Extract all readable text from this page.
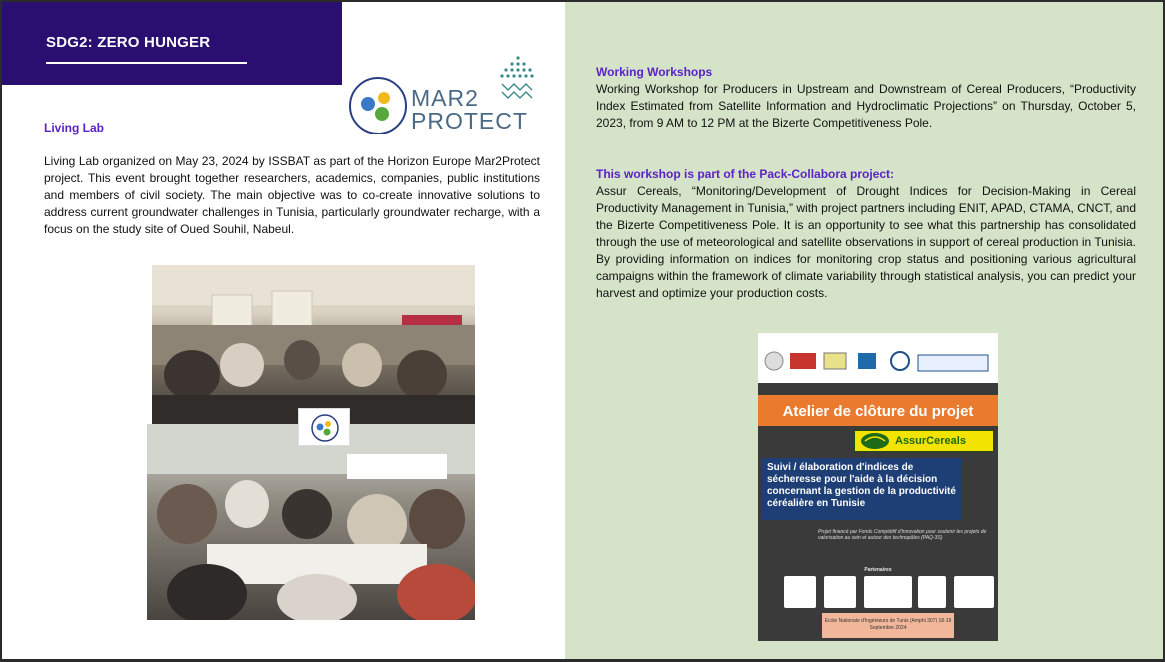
SDG2: ZERO HUNGER
MAR2
PROTECT
Living Lab
Living Lab organized on May 23, 2024 by ISSBAT as part of the Horizon Europe Mar2Protect project. This event brought together researchers, academics, companies, public institutions and members of civil society. The main objective was to co-create innovative solutions to address current groundwater challenges in Tunisia, particularly groundwater recharge, with a focus on the study site of Oued Souhil, Nabeul.
Working Workshops
Working Workshop for Producers in Upstream and Downstream of Cereal Producers, “Productivity Index Estimated from Satellite Information and Hydroclimatic Projections” on Thursday, October 5, 2023, from 9 AM to 12 PM at the Bizerte Competitiveness Pole.
This workshop is part of the Pack-Collabora project:
Assur Cereals, “Monitoring/Development of Drought Indices for Decision-Making in Cereal Productivity Management in Tunisia,” with project partners including ENIT, APAD, CTAMA, CNCT, and the Bizerte Competitiveness Pole. It is an opportunity to see what this partnership has consolidated through the use of meteorological and satellite observations in support of cereal production in Tunisia. By providing information on indices for monitoring crop status and positioning various agricultural campaigns within the framework of climate variability through statistical analysis, you can predict your harvest and optimize your production costs.
Atelier de clôture du projet
AssurCereals
Suivi / élaboration d'indices de sécheresse pour l'aide à la décision concernant la gestion de la productivité céréalière en Tunisie
Projet financé par Fonds Compétitif d'Innovation pour soutenir les projets de valorisation au sein et autour des technopôles (PAQ-3S)
Partenaires
Ecole Nationale d'Ingénieurs de Tunis (Amphi 307) 18-19 Septembre 2024
